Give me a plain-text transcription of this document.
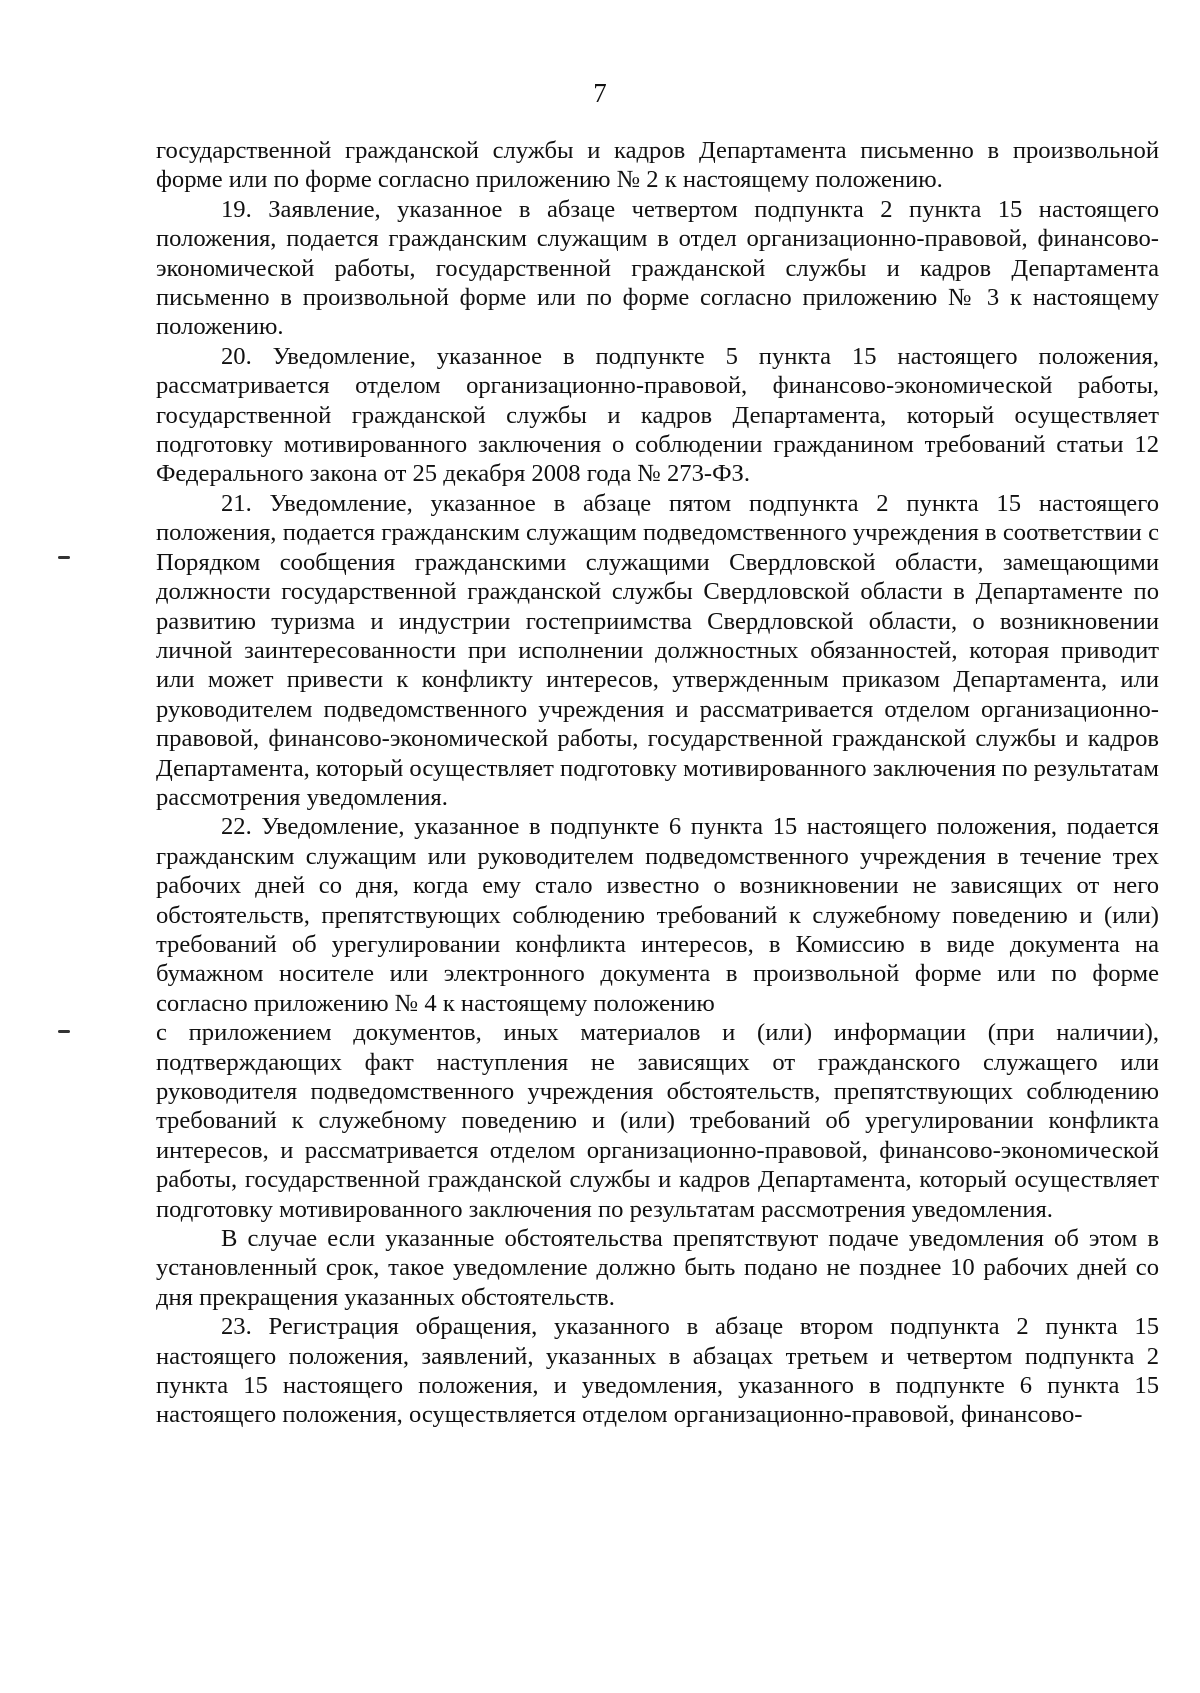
7

государственной гражданской службы и кадров Департамента письменно в произвольной форме или по форме согласно приложению № 2 к настоящему положению.

19. Заявление, указанное в абзаце четвертом подпункта 2 пункта 15 настоящего положения, подается гражданским служащим в отдел организационно-правовой, финансово-экономической работы, государственной гражданской службы и кадров Департамента письменно в произвольной форме или по форме согласно приложению № 3 к настоящему положению.

20. Уведомление, указанное в подпункте 5 пункта 15 настоящего положения, рассматривается отделом организационно-правовой, финансово-экономической работы, государственной гражданской службы и кадров Департамента, который осуществляет подготовку мотивированного заключения о соблюдении гражданином требований статьи 12 Федерального закона от 25 декабря 2008 года № 273-ФЗ.

21. Уведомление, указанное в абзаце пятом подпункта 2 пункта 15 настоящего положения, подается гражданским служащим подведомственного учреждения в соответствии с Порядком сообщения гражданскими служащими Свердловской области, замещающими должности государственной гражданской службы Свердловской области в Департаменте по развитию туризма и индустрии гостеприимства Свердловской области, о возникновении личной заинтересованности при исполнении должностных обязанностей, которая приводит или может привести к конфликту интересов, утвержденным приказом Департамента, или руководителем подведомственного учреждения и рассматривается отделом организационно-правовой, финансово-экономической работы, государственной гражданской службы и кадров Департамента, который осуществляет подготовку мотивированного заключения по результатам рассмотрения уведомления.

22. Уведомление, указанное в подпункте 6 пункта 15 настоящего положения, подается гражданским служащим или руководителем подведомственного учреждения в течение трех рабочих дней со дня, когда ему стало известно о возникновении не зависящих от него обстоятельств, препятствующих соблюдению требований к служебному поведению и (или) требований об урегулировании конфликта интересов, в Комиссию в виде документа на бумажном носителе или электронного документа в произвольной форме или по форме согласно приложению № 4 к настоящему положению

с приложением документов, иных материалов и (или) информации (при наличии), подтверждающих факт наступления не зависящих от гражданского служащего или руководителя подведомственного учреждения обстоятельств, препятствующих соблюдению требований к служебному поведению и (или) требований об урегулировании конфликта интересов, и рассматривается отделом организационно-правовой, финансово-экономической работы, государственной гражданской службы и кадров Департамента, который осуществляет подготовку мотивированного заключения по результатам рассмотрения уведомления.

В случае если указанные обстоятельства препятствуют подаче уведомления об этом в установленный срок, такое уведомление должно быть подано не позднее 10 рабочих дней со дня прекращения указанных обстоятельств.

23. Регистрация обращения, указанного в абзаце втором подпункта 2 пункта 15 настоящего положения, заявлений, указанных в абзацах третьем и четвертом подпункта 2 пункта 15 настоящего положения, и уведомления, указанного в подпункте 6 пункта 15 настоящего положения, осуществляется отделом организационно-правовой, финансово-
